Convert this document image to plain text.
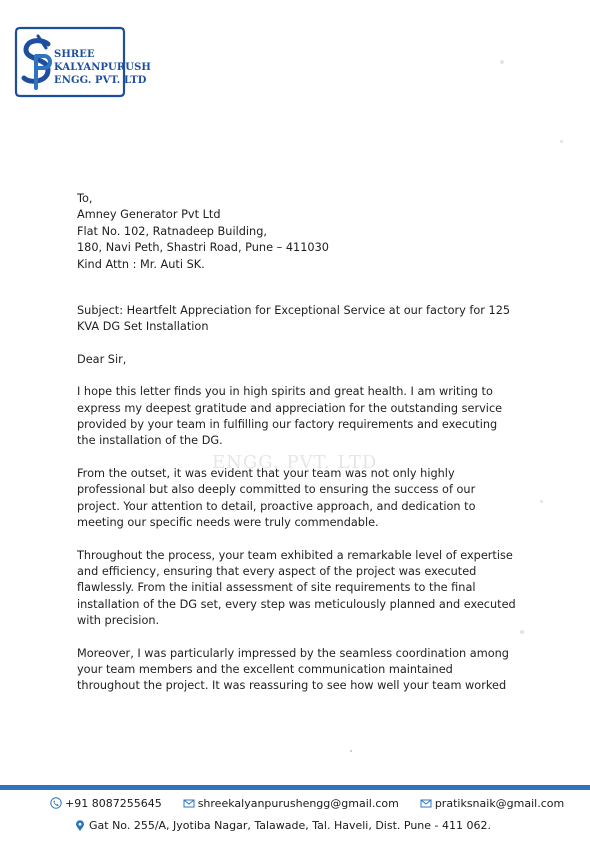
SHREE
KALYANPURUSH
ENGG. PVT. LTD
ENGG. PVT. LTD
To,
Amney Generator Pvt Ltd
Flat No. 102, Ratnadeep Building,
180, Navi Peth, Shastri Road, Pune – 411030
Kind Attn : Mr. Auti SK.
Subject: Heartfelt Appreciation for Exceptional Service at our factory for 125 KVA DG Set Installation
Dear Sir,
I hope this letter finds you in high spirits and great health. I am writing to express my deepest gratitude and appreciation for the outstanding service provided by your team in fulfilling our factory requirements and executing the installation of the DG.
From the outset, it was evident that your team was not only highly professional but also deeply committed to ensuring the success of our project. Your attention to detail, proactive approach, and dedication to meeting our specific needs were truly commendable.
Throughout the process, your team exhibited a remarkable level of expertise and efficiency, ensuring that every aspect of the project was executed flawlessly. From the initial assessment of site requirements to the final installation of the DG set, every step was meticulously planned and executed with precision.
Moreover, I was particularly impressed by the seamless coordination among your team members and the excellent communication maintained throughout the project. It was reassuring to see how well your team worked
+91 8087255645	shreekalyanpurushengg@gmail.com	pratiksnaik@gmail.com
Gat No. 255/A, Jyotiba Nagar, Talawade, Tal. Haveli, Dist. Pune - 411 062.
